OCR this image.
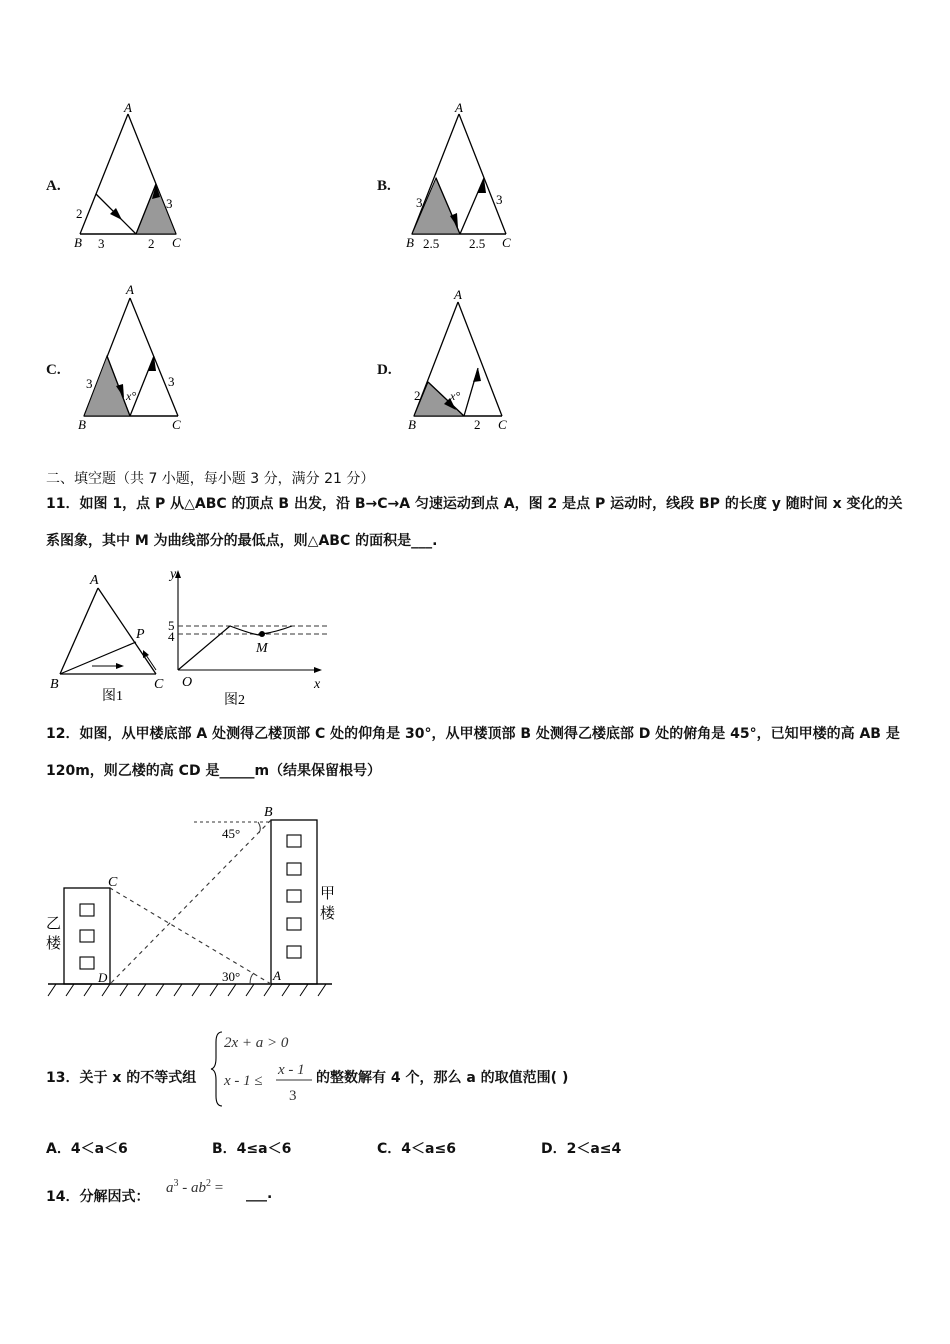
A.
A
B	C
2
3	2
3
B.
A
B	C
3
2.5 2.5
3
C.
A
B	C
3	3
x°
D.
A
B	C
2
2
x°
二、填空题（共 7 小题，每小题 3 分，满分 21 分）
11．如图 1，点 P 从△ABC 的顶点 B 出发，沿 B→C→A 匀速运动到点 A，图 2 是点 P 运动时，线段 BP 的长度 y 随时间 x 变化的关系图象，其中 M 为曲线部分的最低点，则△ABC 的面积是___.
A
B	C
P
图1
y
x
O
5
4
M
图2
12．如图，从甲楼底部 A 处测得乙楼顶部 C 处的仰角是 30°，从甲楼顶部 B 处测得乙楼底部 D 处的俯角是 45°，已知甲楼的高 AB 是 120m，则乙楼的高 CD 是_____m（结果保留根号）
B
C
D	A
45°
30°
甲
楼
乙
楼
13．关于 x 的不等式组
2x + a > 0
x - 1 ≤
x - 1
3
的整数解有 4 个，那么 a 的取值范围( )
A．4＜a＜6	B．4≤a＜6	C．4＜a≤6	D．2＜a≤4
14．分解因式：
$a^3 - ab^2$ = ___.
